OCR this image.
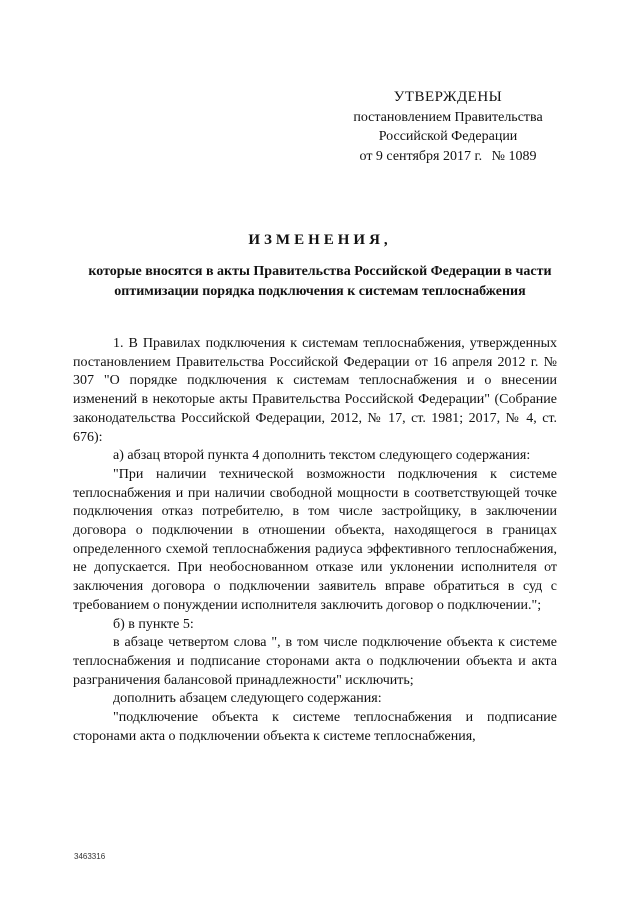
УТВЕРЖДЕНЫ
постановлением Правительства
Российской Федерации
от 9 сентября 2017 г. № 1089
ИЗМЕНЕНИЯ,
которые вносятся в акты Правительства Российской Федерации в части оптимизации порядка подключения к системам теплоснабжения

1. В Правилах подключения к системам теплоснабжения, утвержденных постановлением Правительства Российской Федерации от 16 апреля 2012 г. № 307 "О порядке подключения к системам теплоснабжения и о внесении изменений в некоторые акты Правительства Российской Федерации" (Собрание законодательства Российской Федерации, 2012, № 17, ст. 1981; 2017, № 4, ст. 676):

а) абзац второй пункта 4 дополнить текстом следующего содержания:

"При наличии технической возможности подключения к системе теплоснабжения и при наличии свободной мощности в соответствующей точке подключения отказ потребителю, в том числе застройщику, в заключении договора о подключении в отношении объекта, находящегося в границах определенного схемой теплоснабжения радиуса эффективного теплоснабжения, не допускается. При необоснованном отказе или уклонении исполнителя от заключения договора о подключении заявитель вправе обратиться в суд с требованием о понуждении исполнителя заключить договор о подключении.";

б) в пункте 5:

в абзаце четвертом слова ", в том числе подключение объекта к системе теплоснабжения и подписание сторонами акта о подключении объекта и акта разграничения балансовой принадлежности" исключить;

дополнить абзацем следующего содержания:

"подключение объекта к системе теплоснабжения и подписание сторонами акта о подключении объекта к системе теплоснабжения,

3463316
